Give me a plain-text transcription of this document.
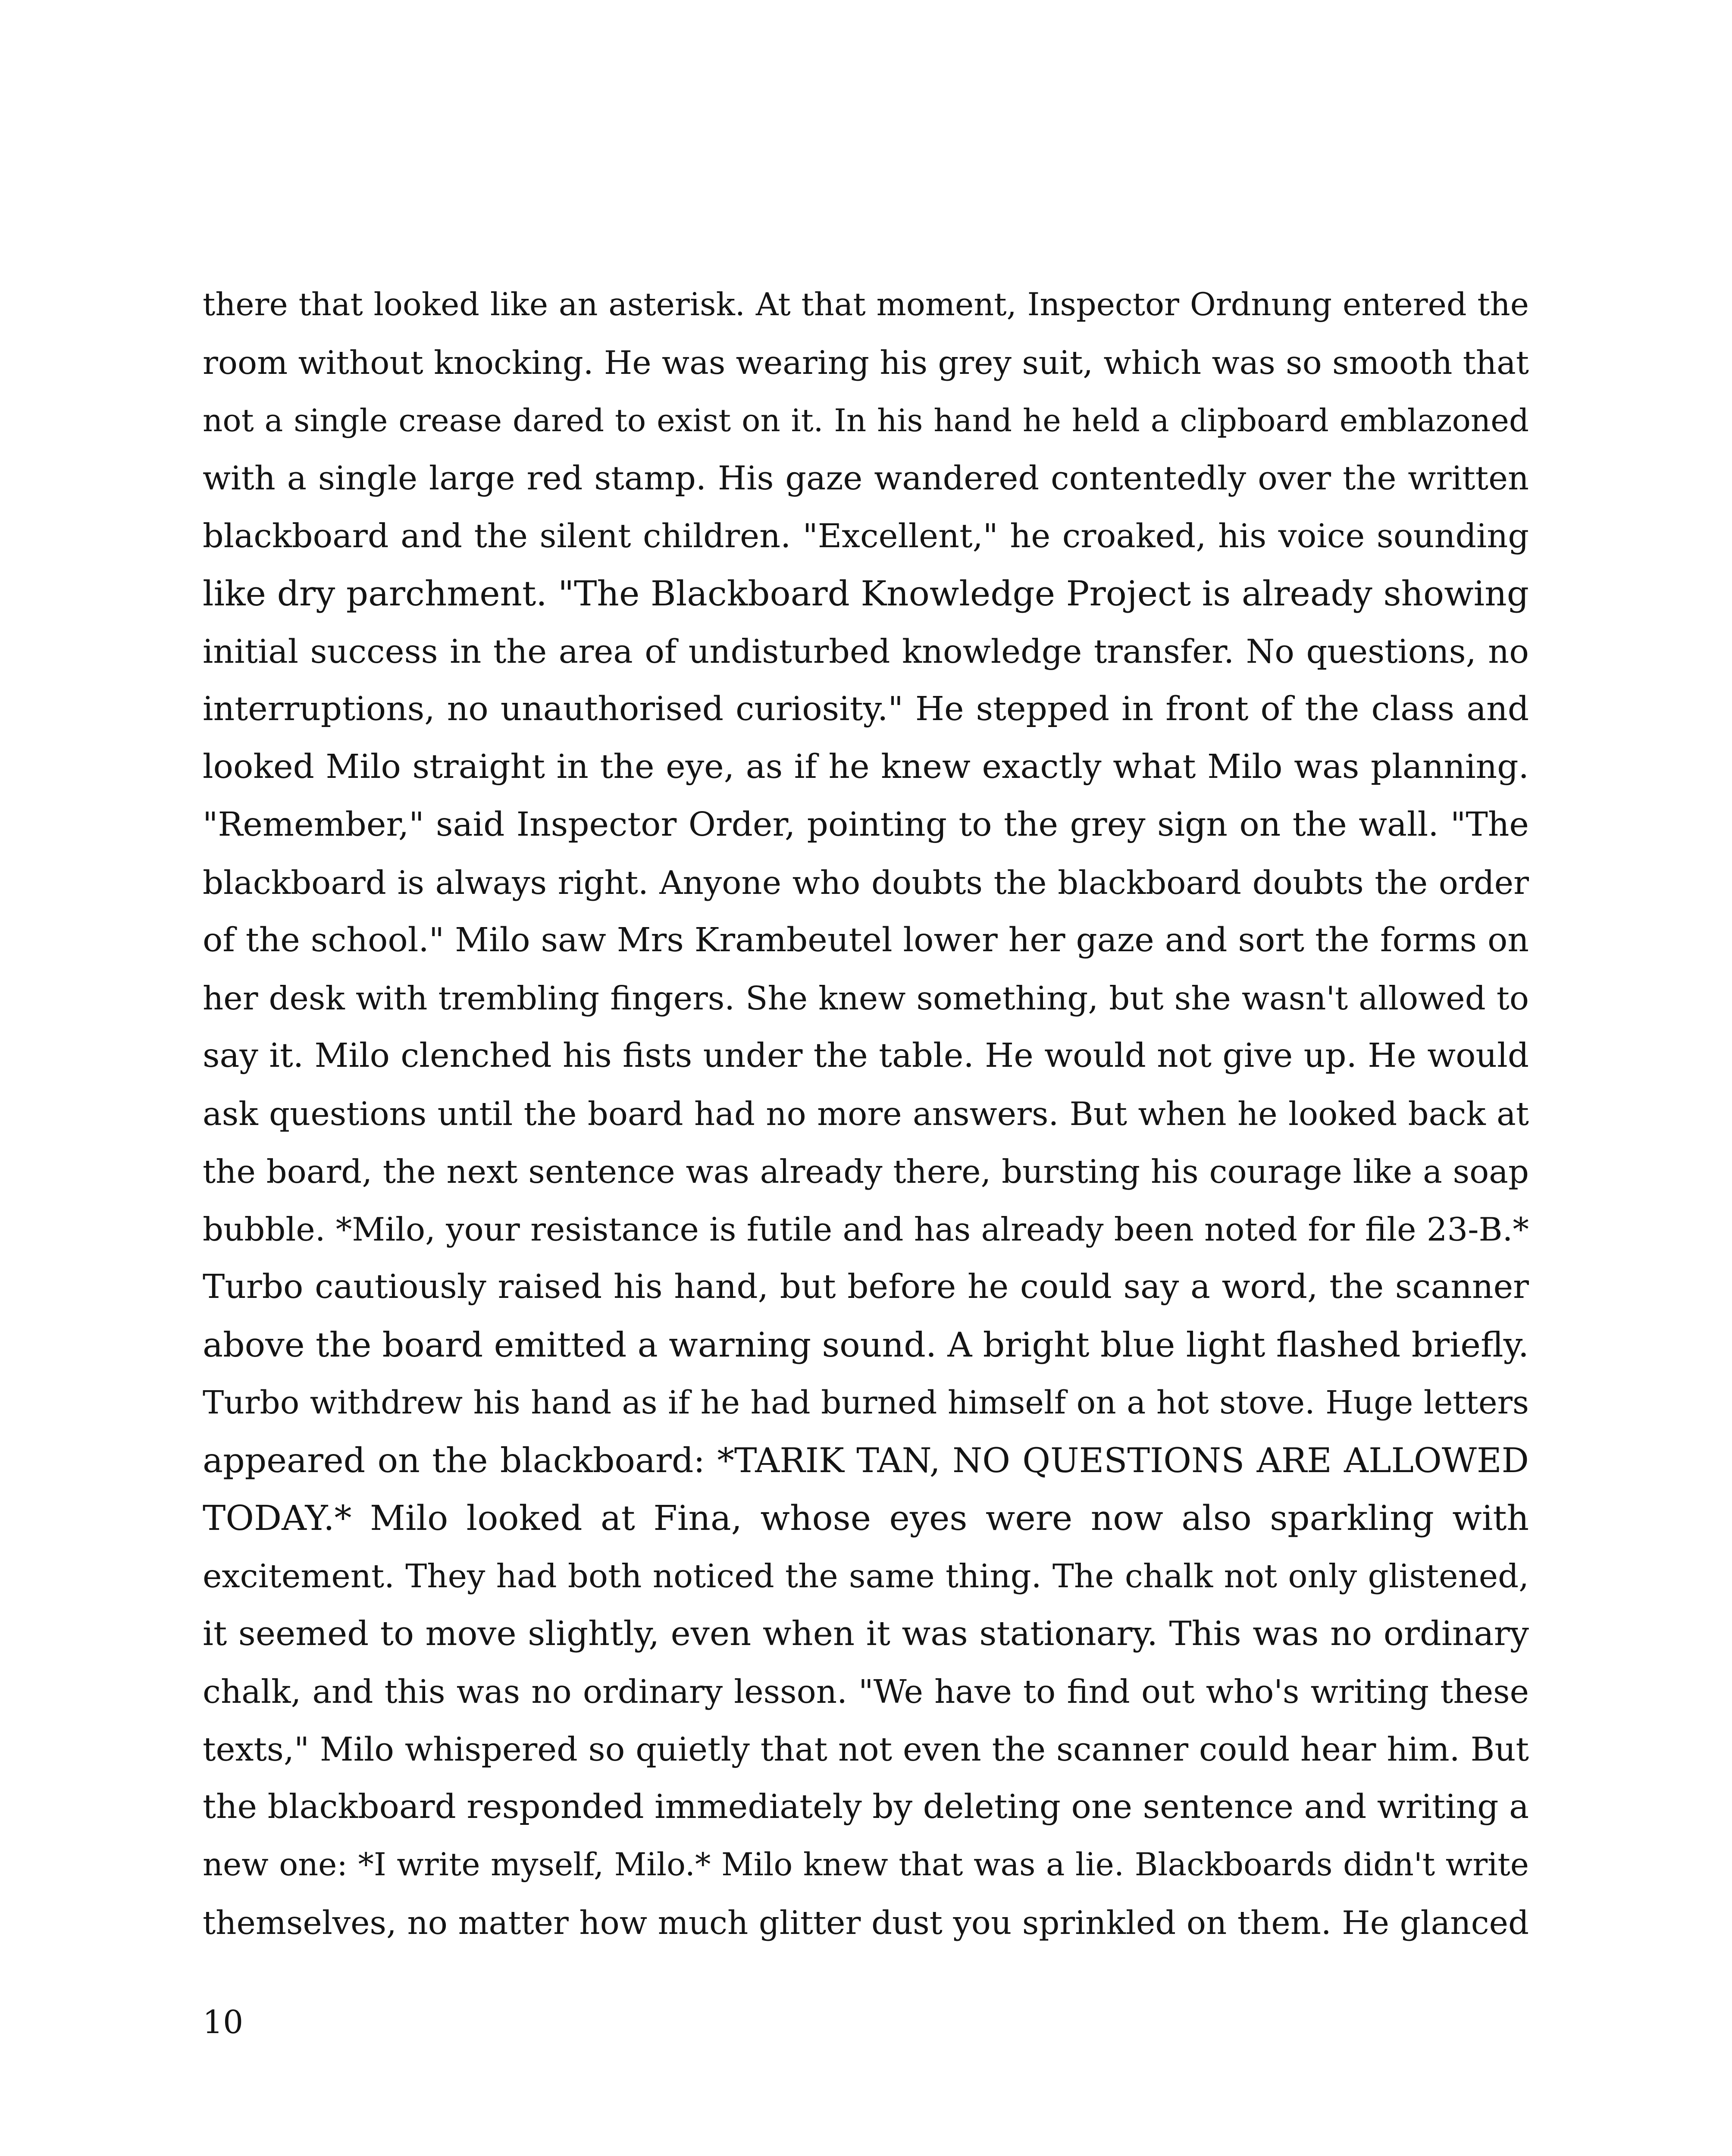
there that looked like an asterisk. At that moment, Inspector Ordnung entered the
room without knocking. He was wearing his grey suit, which was so smooth that
not a single crease dared to exist on it. In his hand he held a clipboard emblazoned
with a single large red stamp. His gaze wandered contentedly over the written
blackboard and the silent children. "Excellent," he croaked, his voice sounding
like dry parchment. "The Blackboard Knowledge Project is already showing
initial success in the area of undisturbed knowledge transfer. No questions, no
interruptions, no unauthorised curiosity." He stepped in front of the class and
looked Milo straight in the eye, as if he knew exactly what Milo was planning.
"Remember," said Inspector Order, pointing to the grey sign on the wall. "The
blackboard is always right. Anyone who doubts the blackboard doubts the order
of the school." Milo saw Mrs Krambeutel lower her gaze and sort the forms on
her desk with trembling fingers. She knew something, but she wasn't allowed to
say it. Milo clenched his fists under the table. He would not give up. He would
ask questions until the board had no more answers. But when he looked back at
the board, the next sentence was already there, bursting his courage like a soap
bubble. *Milo, your resistance is futile and has already been noted for file 23-B.*
Turbo cautiously raised his hand, but before he could say a word, the scanner
above the board emitted a warning sound. A bright blue light flashed briefly.
Turbo withdrew his hand as if he had burned himself on a hot stove. Huge letters
appeared on the blackboard: *TARIK TAN, NO QUESTIONS ARE ALLOWED
TODAY.* Milo looked at Fina, whose eyes were now also sparkling with
excitement. They had both noticed the same thing. The chalk not only glistened,
it seemed to move slightly, even when it was stationary. This was no ordinary
chalk, and this was no ordinary lesson. "We have to find out who's writing these
texts," Milo whispered so quietly that not even the scanner could hear him. But
the blackboard responded immediately by deleting one sentence and writing a
new one: *I write myself, Milo.* Milo knew that was a lie. Blackboards didn't write
themselves, no matter how much glitter dust you sprinkled on them. He glanced
10
